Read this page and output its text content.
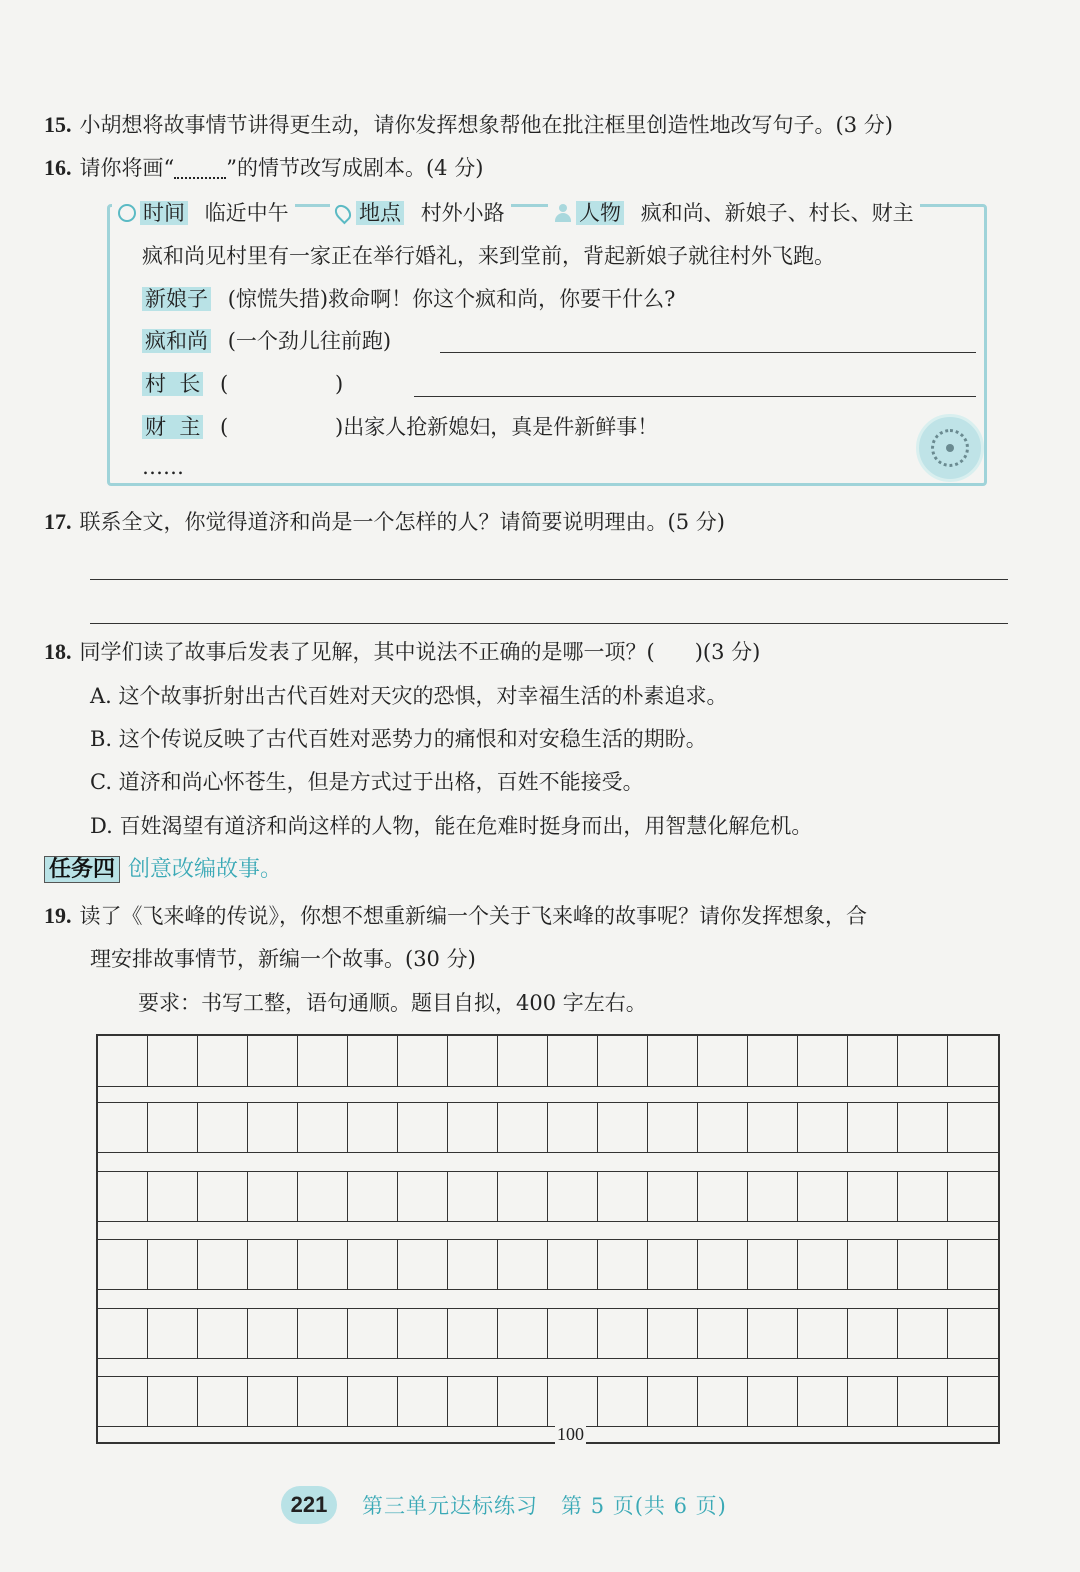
15. 小胡想将故事情节讲得更生动，请你发挥想象帮他在批注框里创造性地改写句子。(3 分)
16. 请你将画“ ”的情节改写成剧本。(4 分)
时间 临近中午	地点 村外小路	人物 疯和尚、新娘子、村长、财主
疯和尚见村里有一家正在举行婚礼，来到堂前，背起新娘子就往村外飞跑。
新娘子 (惊慌失措)救命啊！你这个疯和尚，你要干什么?
疯和尚 (一个劲儿往前跑)
村  长 (                )
财  主 (                )出家人抢新媳妇，真是件新鲜事！
……
17. 联系全文，你觉得道济和尚是一个怎样的人？请简要说明理由。(5 分)
18. 同学们读了故事后发表了见解，其中说法不正确的是哪一项？(      )(3 分)
A. 这个故事折射出古代百姓对天灾的恐惧，对幸福生活的朴素追求。
B. 这个传说反映了古代百姓对恶势力的痛恨和对安稳生活的期盼。
C. 道济和尚心怀苍生，但是方式过于出格，百姓不能接受。
D. 百姓渴望有道济和尚这样的人物，能在危难时挺身而出，用智慧化解危机。
任务四 创意改编故事。
19. 读了《飞来峰的传说》，你想不想重新编一个关于飞来峰的故事呢？请你发挥想象，合
理安排故事情节，新编一个故事。(30 分)
要求：书写工整，语句通顺。题目自拟，400 字左右。
100
221	第三单元达标练习   第 5 页(共 6 页)
